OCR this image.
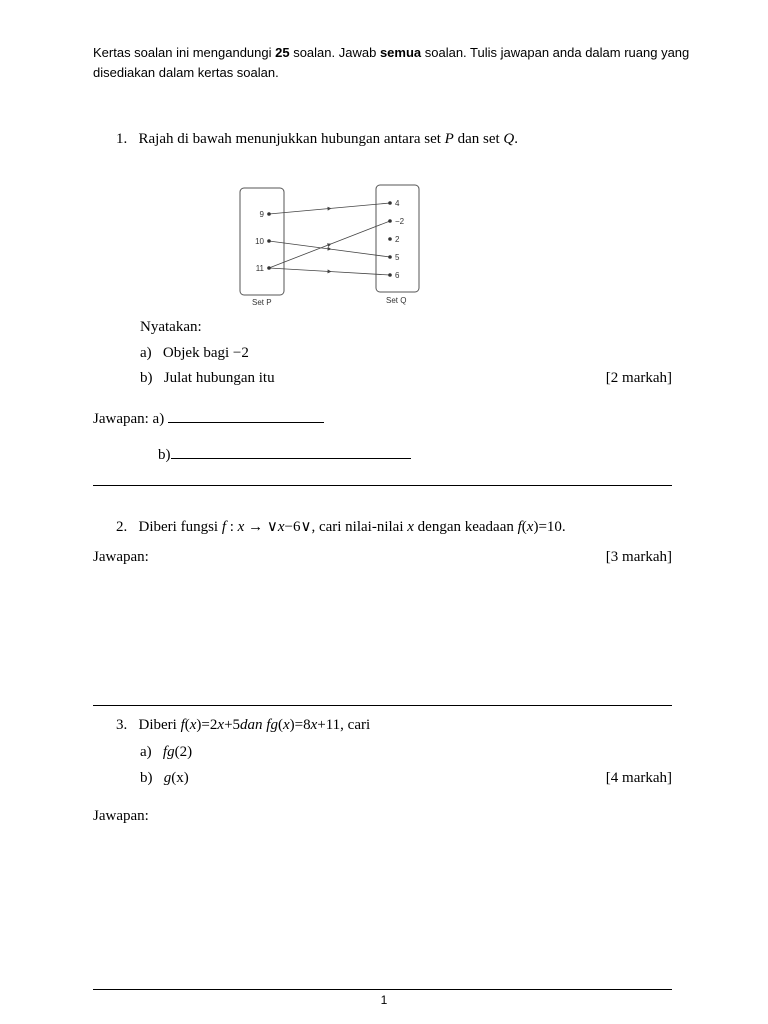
Kertas soalan ini mengandungi 25 soalan. Jawab semua soalan. Tulis jawapan anda dalam ruang yang disediakan dalam kertas soalan.
1. Rajah di bawah menunjukkan hubungan antara set P dan set Q.
9
10
11
4
−2
2
5
6
Set P	Set Q
Nyatakan:
a) Objek bagi −2
b) Julat hubungan itu	[2 markah]
Jawapan: a)
b)
2. Diberi fungsi f : x → ∨x−6∨, cari nilai-nilai x dengan keadaan f(x)=10.
Jawapan:	[3 markah]
3. Diberi f(x)=2x+5dan fg(x)=8x+11, cari
a) fg(2)
b) g(x)	[4 markah]
Jawapan:
1
